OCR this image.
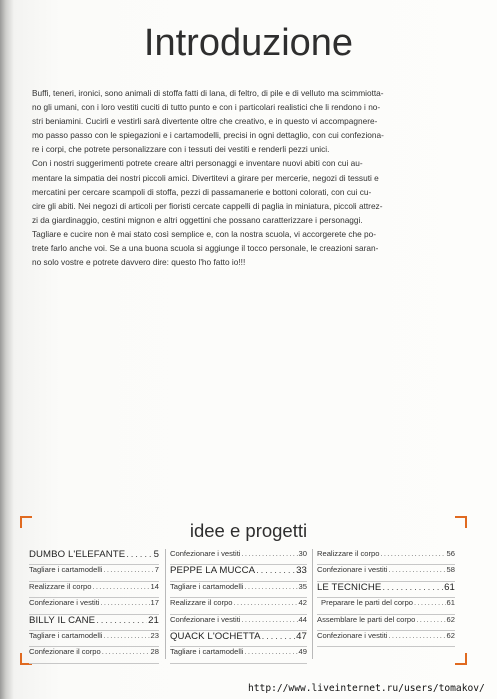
Introduzione
Buffi, teneri, ironici, sono animali di stoffa fatti di lana, di feltro, di pile e di velluto ma scimmiotta-
no gli umani, con i loro vestiti cuciti di tutto punto e con i particolari realistici che li rendono i no-
stri beniamini. Cucirli e vestirli sarà divertente oltre che creativo, e in questo vi accompagnere-
mo passo passo con le spiegazioni e i cartamodelli, precisi in ogni dettaglio, con cui confeziona-
re i corpi, che potrete personalizzare con i tessuti dei vestiti e renderli pezzi unici.
Con i nostri suggerimenti potrete creare altri personaggi e inventare nuovi abiti con cui au-
mentare la simpatia dei nostri piccoli amici. Divertitevi a girare per mercerie, negozi di tessuti e
mercatini per cercare scampoli di stoffa, pezzi di passamanerie e bottoni colorati, con cui cu-
cire gli abiti. Nei negozi di articoli per fioristi cercate cappelli di paglia in miniatura, piccoli attrez-
zi da giardinaggio, cestini mignon e altri oggettini che possano caratterizzare i personaggi.
Tagliare e cucire non è mai stato così semplice e, con la nostra scuola, vi accorgerete che po-
trete farlo anche voi. Se a una buona scuola si aggiunge il tocco personale, le creazioni saran-
no solo vostre e potrete davvero dire: questo l'ho fatto io!!!
idee e progetti
DUMBO L'ELEFANTE . . .	5
Tagliare i cartamodelli . . .	7
Realizzare il corpo . . .	14
Confezionare i vestiti . . .	17
BILLY IL CANE . . .	21
Tagliare i cartamodelli . . .	23
Confezionare il corpo . . .	28
Confezionare i vestiti . . .	30
PEPPE LA MUCCA . . .	33
Tagliare i cartamodelli . . .	35
Realizzare il corpo . . .	42
Confezionare i vestiti . . .	44
QUACK L'OCHETTA . . .	47
Tagliare i cartamodelli . . .	49
Realizzare il corpo . . .	56
Confezionare i vestiti . . .	58
LE TECNICHE . . .	61
Preparare le parti del corpo . . .	61
Assemblare le parti del corpo . . .	62
Confezionare i vestiti . . .	62
http://www.liveinternet.ru/users/tomakov/
